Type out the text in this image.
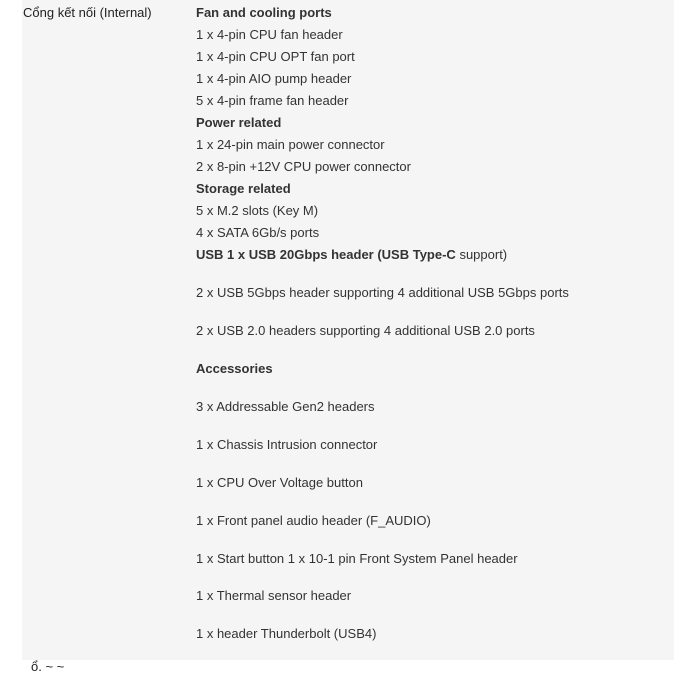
Cổng kết nối (Internal)	Fan and cooling ports
1 x 4-pin CPU fan header
1 x 4-pin CPU OPT fan port
1 x 4-pin AIO pump header
5 x 4-pin frame fan header
Power related
1 x 24-pin main power connector
2 x 8-pin +12V CPU power connector
Storage related
5 x M.2 slots (Key M)
4 x SATA 6Gb/s ports
USB 1 x USB 20Gbps header (USB Type-C support)
2 x USB 5Gbps header supporting 4 additional USB 5Gbps ports
2 x USB 2.0 headers supporting 4 additional USB 2.0 ports
Accessories
3 x Addressable Gen2 headers
1 x Chassis Intrusion connector
1 x CPU Over Voltage button
1 x Front panel audio header (F_AUDIO)
1 x Start button 1 x 10-1 pin Front System Panel header
1 x Thermal sensor header
1 x header Thunderbolt (USB4)
ổ. ~ ~
